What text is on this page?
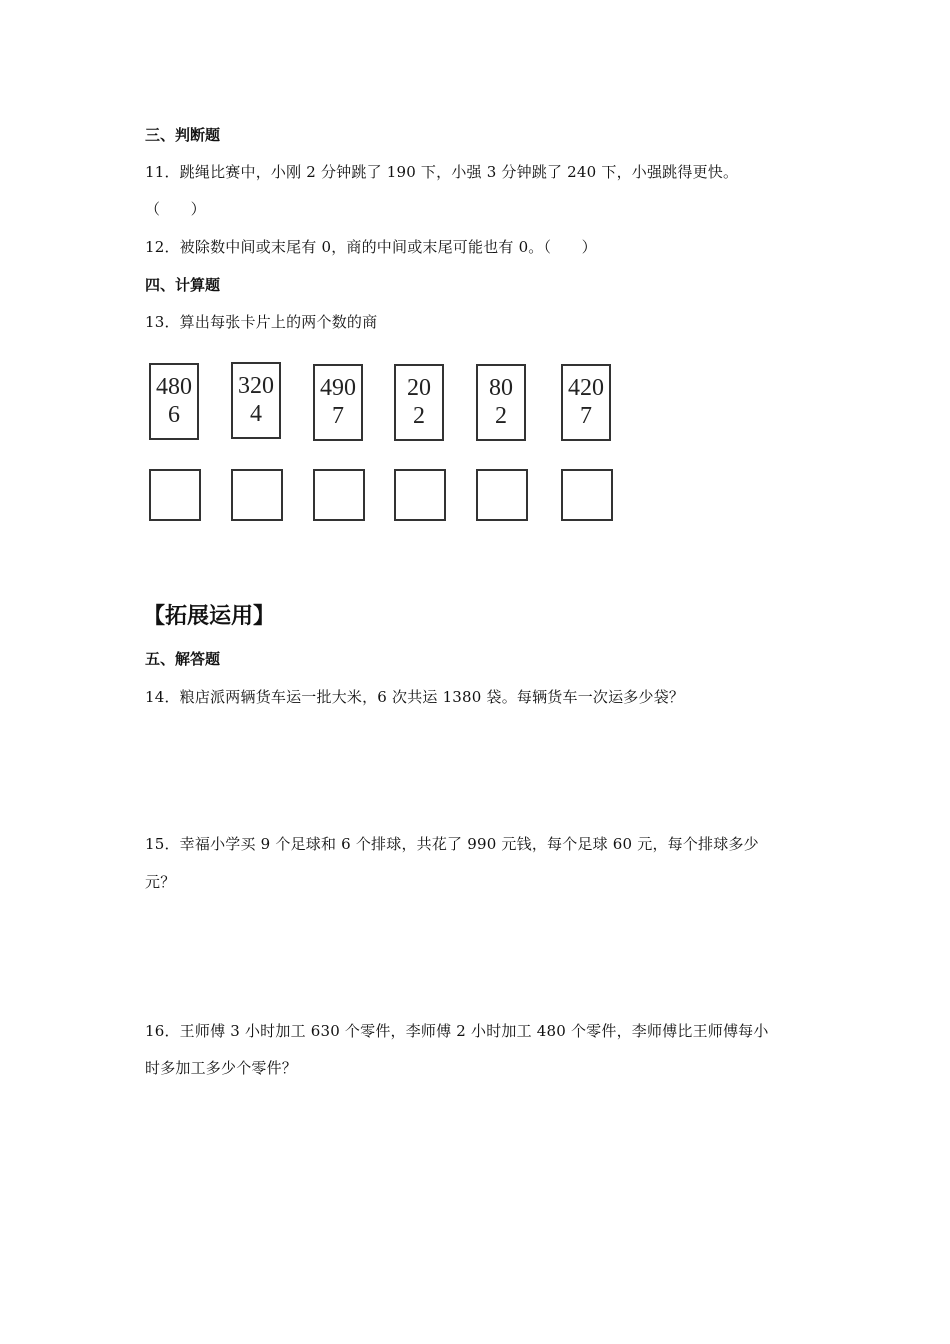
三、判断题
11．跳绳比赛中，小刚 2 分钟跳了 190 下，小强 3 分钟跳了 240 下，小强跳得更快。
（　　）
12．被除数中间或末尾有 0，商的中间或末尾可能也有 0。（　　）
四、计算题
13．算出每张卡片上的两个数的商
480
6
320
4
490
7
20
2
80
2
420
7
【拓展运用】
五、解答题
14．粮店派两辆货车运一批大米，6 次共运 1380 袋。每辆货车一次运多少袋？
15．幸福小学买 9 个足球和 6 个排球，共花了 990 元钱，每个足球 60 元，每个排球多少
元？
16．王师傅 3 小时加工 630 个零件，李师傅 2 小时加工 480 个零件，李师傅比王师傅每小
时多加工多少个零件？
